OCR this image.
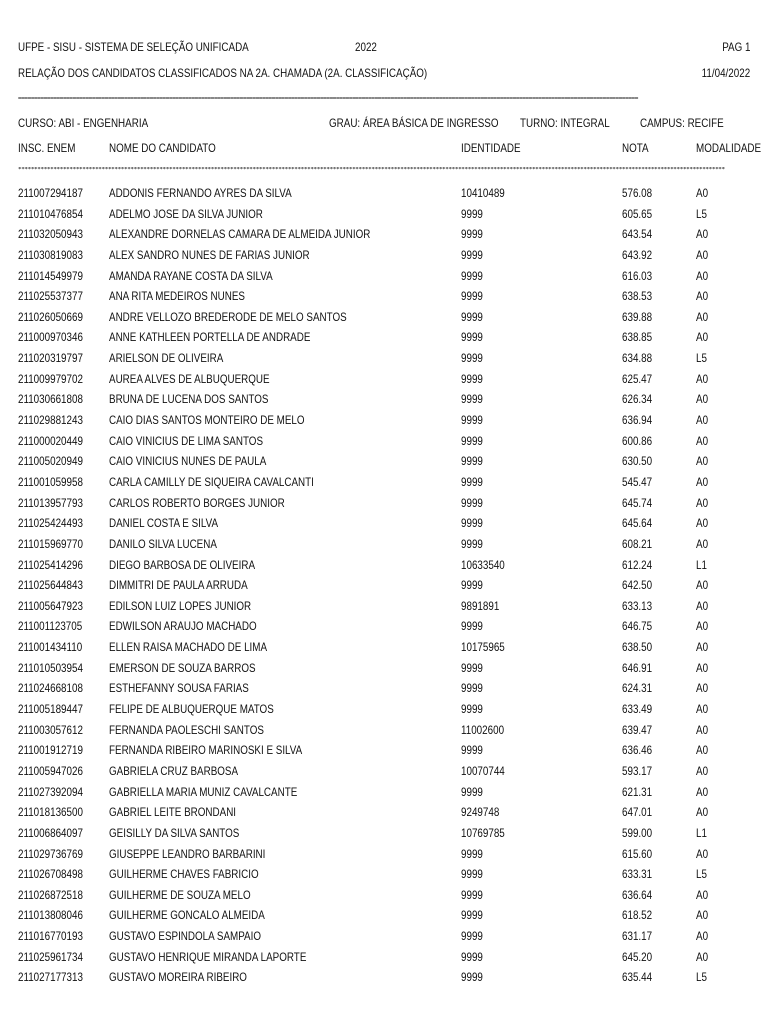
UFPE - SISU - SISTEMA DE SELEÇÃO UNIFICADA	2022	PAG 1
RELAÇÃO DOS CANDIDATOS CLASSIFICADOS NA 2A. CHAMADA (2A. CLASSIFICAÇÃO)	11/04/2022
=================================================================================================================================================================================================
CURSO: ABI - ENGENHARIA	GRAU: ÁREA BÁSICA DE INGRESSO TURNO: INTEGRAL	CAMPUS: RECIFE
INSC. ENEM	NOME DO CANDIDATO	IDENTIDADE	NOTA	MODALIDADE
****************************************************************************************************************************************************************************************************************************
211007294187 ADDONIS FERNANDO AYRES DA SILVA	10410489	576.08	A0
211010476854 ADELMO JOSE DA SILVA JUNIOR	9999	605.65	L5
211032050943 ALEXANDRE DORNELAS CAMARA DE ALMEIDA JUNIOR	9999	643.54	A0
211030819083 ALEX SANDRO NUNES DE FARIAS JUNIOR	9999	643.92	A0
211014549979 AMANDA RAYANE COSTA DA SILVA	9999	616.03	A0
211025537377 ANA RITA MEDEIROS NUNES	9999	638.53	A0
211026050669 ANDRE VELLOZO BREDERODE DE MELO SANTOS	9999	639.88	A0
211000970346 ANNE KATHLEEN PORTELLA DE ANDRADE	9999	638.85	A0
211020319797 ARIELSON DE OLIVEIRA	9999	634.88	L5
211009979702 AUREA ALVES DE ALBUQUERQUE	9999	625.47	A0
211030661808 BRUNA DE LUCENA DOS SANTOS	9999	626.34	A0
211029881243 CAIO DIAS SANTOS MONTEIRO DE MELO	9999	636.94	A0
211000020449 CAIO VINICIUS DE LIMA SANTOS	9999	600.86	A0
211005020949 CAIO VINICIUS NUNES DE PAULA	9999	630.50	A0
211001059958 CARLA CAMILLY DE SIQUEIRA CAVALCANTI	9999	545.47	A0
211013957793 CARLOS ROBERTO BORGES JUNIOR	9999	645.74	A0
211025424493 DANIEL COSTA E SILVA	9999	645.64	A0
211015969770 DANILO SILVA LUCENA	9999	608.21	A0
211025414296 DIEGO BARBOSA DE OLIVEIRA	10633540	612.24	L1
211025644843 DIMMITRI DE PAULA ARRUDA	9999	642.50	A0
211005647923 EDILSON LUIZ LOPES JUNIOR	9891891	633.13	A0
211001123705 EDWILSON ARAUJO MACHADO	9999	646.75	A0
211001434110 ELLEN RAISA MACHADO DE LIMA	10175965	638.50	A0
211010503954 EMERSON DE SOUZA BARROS	9999	646.91	A0
211024668108 ESTHEFANNY SOUSA FARIAS	9999	624.31	A0
211005189447 FELIPE DE ALBUQUERQUE MATOS	9999	633.49	A0
211003057612 FERNANDA PAOLESCHI SANTOS	11002600	639.47	A0
211001912719 FERNANDA RIBEIRO MARINOSKI E SILVA	9999	636.46	A0
211005947026 GABRIELA CRUZ BARBOSA	10070744	593.17	A0
211027392094 GABRIELLA MARIA MUNIZ CAVALCANTE	9999	621.31	A0
211018136500 GABRIEL LEITE BRONDANI	9249748	647.01	A0
211006864097 GEISILLY DA SILVA SANTOS	10769785	599.00	L1
211029736769 GIUSEPPE LEANDRO BARBARINI	9999	615.60	A0
211026708498 GUILHERME CHAVES FABRICIO	9999	633.31	L5
211026872518 GUILHERME DE SOUZA MELO	9999	636.64	A0
211013808046 GUILHERME GONCALO ALMEIDA	9999	618.52	A0
211016770193 GUSTAVO ESPINDOLA SAMPAIO	9999	631.17	A0
211025961734 GUSTAVO HENRIQUE MIRANDA LAPORTE	9999	645.20	A0
211027177313 GUSTAVO MOREIRA RIBEIRO	9999	635.44	L5
